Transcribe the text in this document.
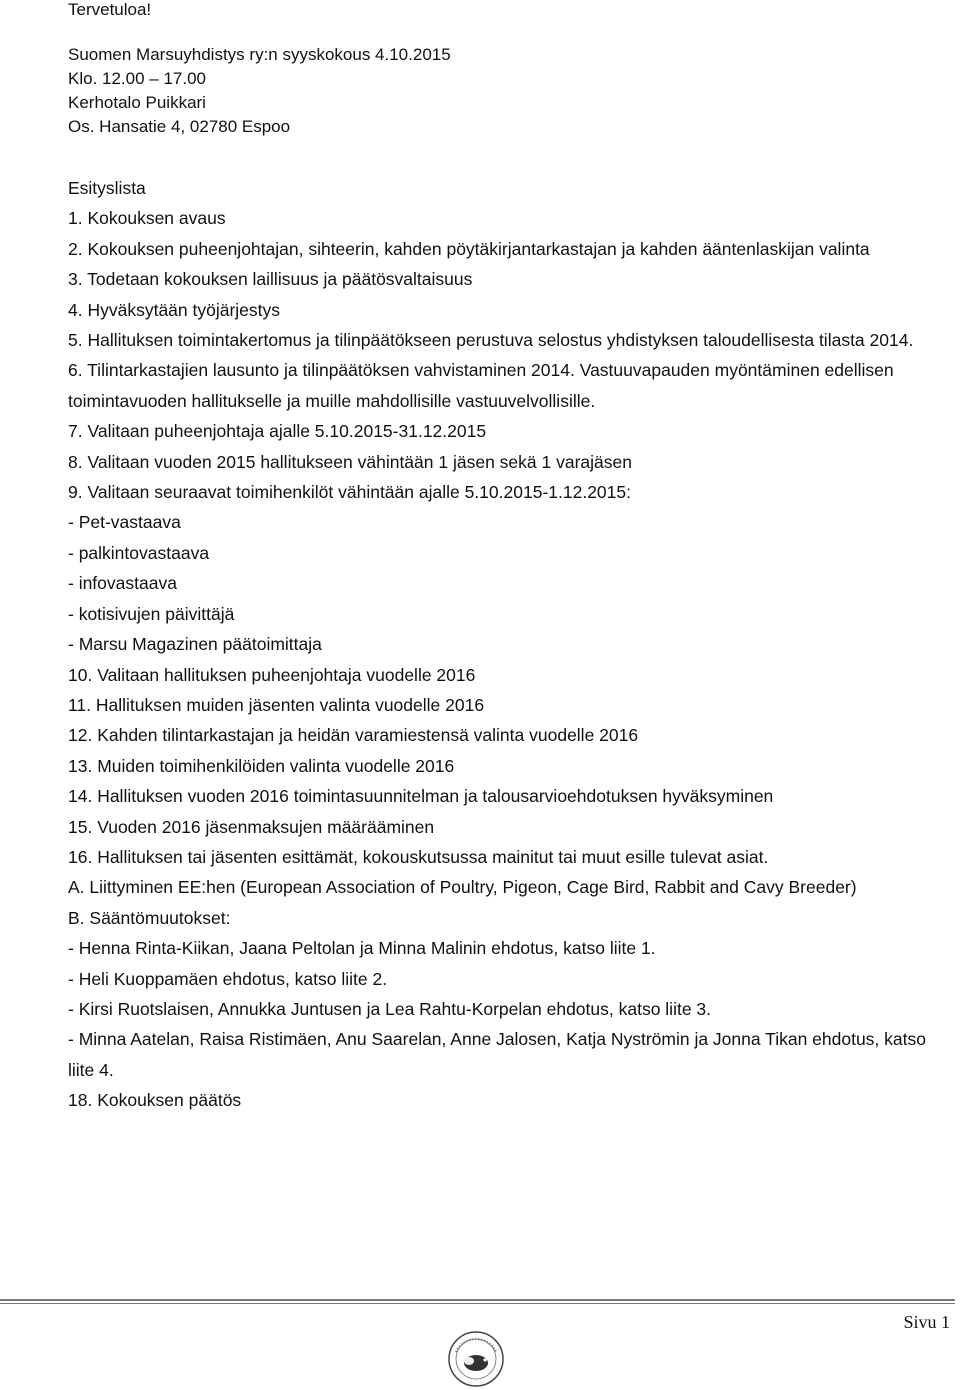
Tervetuloa!
Suomen Marsuyhdistys ry:n syyskokous 4.10.2015
Klo. 12.00 – 17.00
Kerhotalo Puikkari
Os. Hansatie 4, 02780 Espoo
Esityslista
1. Kokouksen avaus
2. Kokouksen puheenjohtajan, sihteerin, kahden pöytäkirjantarkastajan ja kahden ääntenlaskijan valinta
3. Todetaan kokouksen laillisuus ja päätösvaltaisuus
4. Hyväksytään työjärjestys
5. Hallituksen toimintakertomus ja tilinpäätökseen perustuva selostus yhdistyksen taloudellisesta tilasta 2014.
6. Tilintarkastajien lausunto ja tilinpäätöksen vahvistaminen 2014. Vastuuvapauden myöntäminen edellisen toimintavuoden hallitukselle ja muille mahdollisille vastuuvelvollisille.
7. Valitaan puheenjohtaja ajalle 5.10.2015-31.12.2015
8. Valitaan vuoden 2015 hallitukseen vähintään 1 jäsen sekä 1 varajäsen
9. Valitaan seuraavat toimihenkilöt vähintään ajalle 5.10.2015-1.12.2015:
- Pet-vastaava
- palkintovastaava
- infovastaava
- kotisivujen päivittäjä
- Marsu Magazinen päätoimittaja
10. Valitaan hallituksen puheenjohtaja vuodelle 2016
11. Hallituksen muiden jäsenten valinta vuodelle 2016
12. Kahden tilintarkastajan ja heidän varamiestensä valinta vuodelle 2016
13. Muiden toimihenkilöiden valinta vuodelle 2016
14. Hallituksen vuoden 2016 toimintasuunnitelman ja talousarvioehdotuksen hyväksyminen
15. Vuoden 2016 jäsenmaksujen määrääminen
16. Hallituksen tai jäsenten esittämät, kokouskutsussa mainitut tai muut esille tulevat asiat.
A. Liittyminen EE:hen (European Association of Poultry, Pigeon, Cage Bird, Rabbit and Cavy Breeder)
B. Sääntömuutokset:
- Henna Rinta-Kiikan, Jaana Peltolan ja Minna Malinin ehdotus, katso liite 1.
- Heli Kuoppamäen ehdotus, katso liite 2.
- Kirsi Ruotslaisen, Annukka Juntusen ja Lea Rahtu-Korpelan ehdotus, katso liite 3.
- Minna Aatelan, Raisa Ristimäen, Anu Saarelan, Anne Jalosen, Katja Nyströmin ja Jonna Tikan ehdotus, katso liite 4.
18. Kokouksen päätös
Sivu 1
